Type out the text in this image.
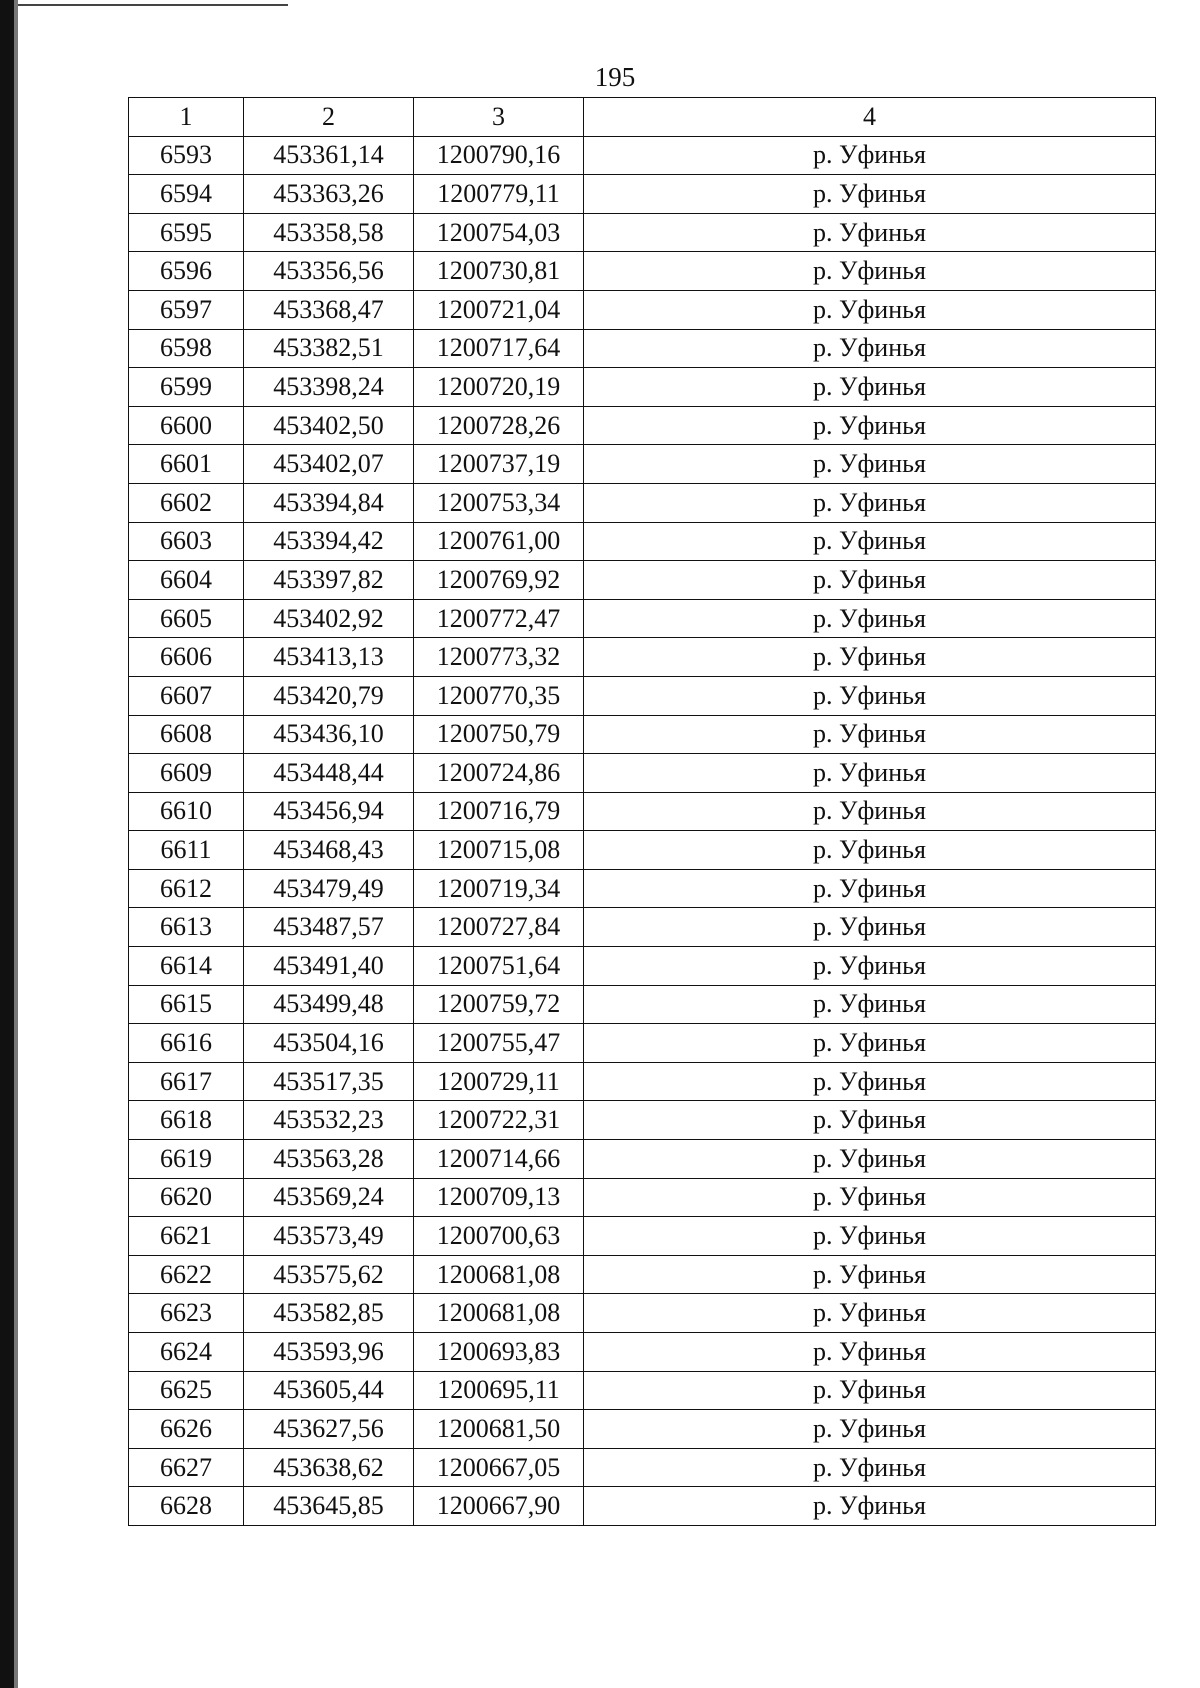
195
1	2	3	4
6593	453361,14	1200790,16	р. Уфинья
6594	453363,26	1200779,11	р. Уфинья
6595	453358,58	1200754,03	р. Уфинья
6596	453356,56	1200730,81	р. Уфинья
6597	453368,47	1200721,04	р. Уфинья
6598	453382,51	1200717,64	р. Уфинья
6599	453398,24	1200720,19	р. Уфинья
6600	453402,50	1200728,26	р. Уфинья
6601	453402,07	1200737,19	р. Уфинья
6602	453394,84	1200753,34	р. Уфинья
6603	453394,42	1200761,00	р. Уфинья
6604	453397,82	1200769,92	р. Уфинья
6605	453402,92	1200772,47	р. Уфинья
6606	453413,13	1200773,32	р. Уфинья
6607	453420,79	1200770,35	р. Уфинья
6608	453436,10	1200750,79	р. Уфинья
6609	453448,44	1200724,86	р. Уфинья
6610	453456,94	1200716,79	р. Уфинья
6611	453468,43	1200715,08	р. Уфинья
6612	453479,49	1200719,34	р. Уфинья
6613	453487,57	1200727,84	р. Уфинья
6614	453491,40	1200751,64	р. Уфинья
6615	453499,48	1200759,72	р. Уфинья
6616	453504,16	1200755,47	р. Уфинья
6617	453517,35	1200729,11	р. Уфинья
6618	453532,23	1200722,31	р. Уфинья
6619	453563,28	1200714,66	р. Уфинья
6620	453569,24	1200709,13	р. Уфинья
6621	453573,49	1200700,63	р. Уфинья
6622	453575,62	1200681,08	р. Уфинья
6623	453582,85	1200681,08	р. Уфинья
6624	453593,96	1200693,83	р. Уфинья
6625	453605,44	1200695,11	р. Уфинья
6626	453627,56	1200681,50	р. Уфинья
6627	453638,62	1200667,05	р. Уфинья
6628	453645,85	1200667,90	р. Уфинья
